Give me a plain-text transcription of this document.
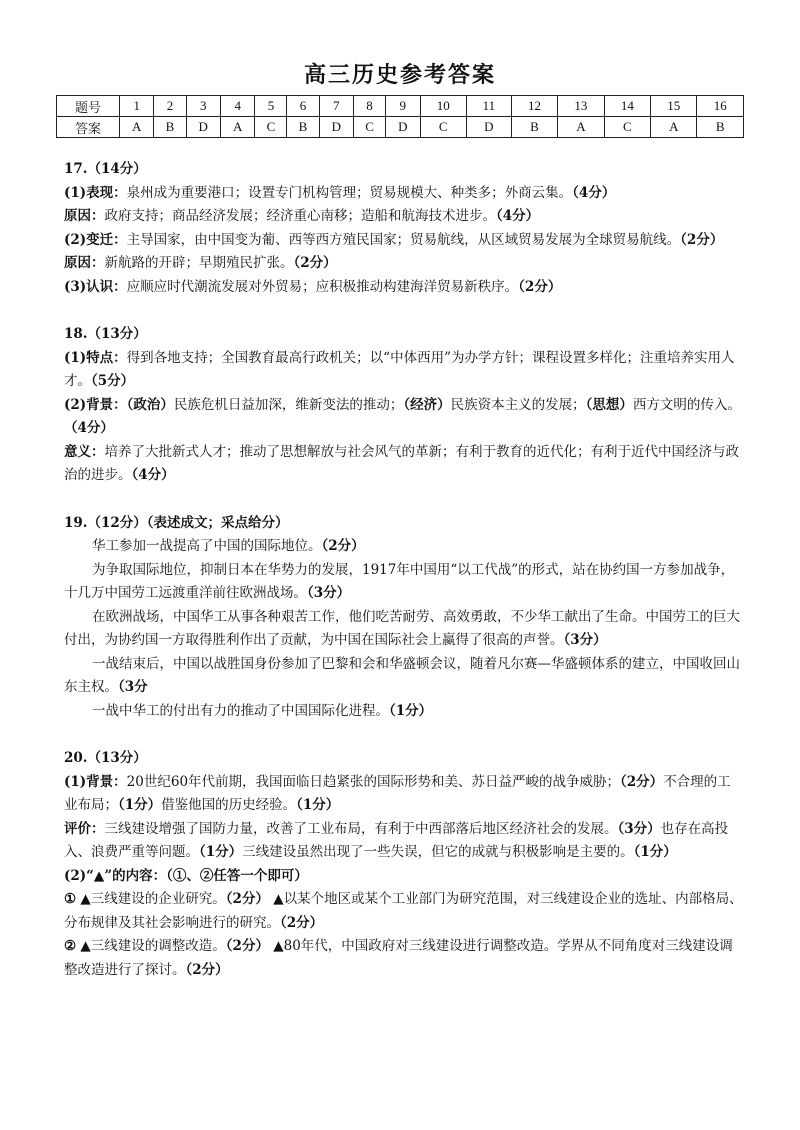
高三历史参考答案
题号	1	2	3	4	5	6	7	8	9	10	11	12	13	14	15	16
答案	A	B	D	A	C	B	D	C	D	C	D	B	A	C	A	B

17.（14分）

(1)表现：泉州成为重要港口；设置专门机构管理；贸易规模大、种类多；外商云集。（4分）

原因：政府支持；商品经济发展；经济重心南移；造船和航海技术进步。（4分）

(2)变迁：主导国家，由中国变为葡、西等西方殖民国家；贸易航线，从区域贸易发展为全球贸易航线。（2分）

原因：新航路的开辟；早期殖民扩张。（2分）

(3)认识：应顺应时代潮流发展对外贸易；应积极推动构建海洋贸易新秩序。（2分）

18.（13分）

(1)特点：得到各地支持；全国教育最高行政机关；以“中体西用”为办学方针；课程设置多样化；注重培养实用人才。（5分）

(2)背景：（政治）民族危机日益加深，维新变法的推动；（经济）民族资本主义的发展；（思想）西方文明的传入。（4分）

意义：培养了大批新式人才；推动了思想解放与社会风气的革新；有利于教育的近代化；有利于近代中国经济与政治的进步。（4分）

19.（12分）（表述成文；采点给分）

华工参加一战提高了中国的国际地位。（2分）

为争取国际地位，抑制日本在华势力的发展，1917年中国用“以工代战”的形式，站在协约国一方参加战争，十几万中国劳工远渡重洋前往欧洲战场。（3分）

在欧洲战场，中国华工从事各种艰苦工作，他们吃苦耐劳、高效勇敢，不少华工献出了生命。中国劳工的巨大付出，为协约国一方取得胜利作出了贡献，为中国在国际社会上赢得了很高的声誉。（3分）

一战结束后，中国以战胜国身份参加了巴黎和会和华盛顿会议，随着凡尔赛—华盛顿体系的建立，中国收回山东主权。（3分

一战中华工的付出有力的推动了中国国际化进程。（1分）

20.（13分）

(1)背景：20世纪60年代前期，我国面临日趋紧张的国际形势和美、苏日益严峻的战争威胁；（2分）不合理的工业布局；（1分）借鉴他国的历史经验。（1分）

评价：三线建设增强了国防力量，改善了工业布局，有利于中西部落后地区经济社会的发展。（3分）也存在高投入、浪费严重等问题。（1分）三线建设虽然出现了一些失误，但它的成就与积极影响是主要的。（1分）

(2)“▲”的内容：（①、②任答一个即可）

① ▲三线建设的企业研究。（2分） ▲以某个地区或某个工业部门为研究范围，对三线建设企业的选址、内部格局、分布规律及其社会影响进行的研究。（2分）

② ▲三线建设的调整改造。（2分） ▲80年代，中国政府对三线建设进行调整改造。学界从不同角度对三线建设调整改造进行了探讨。（2分）
